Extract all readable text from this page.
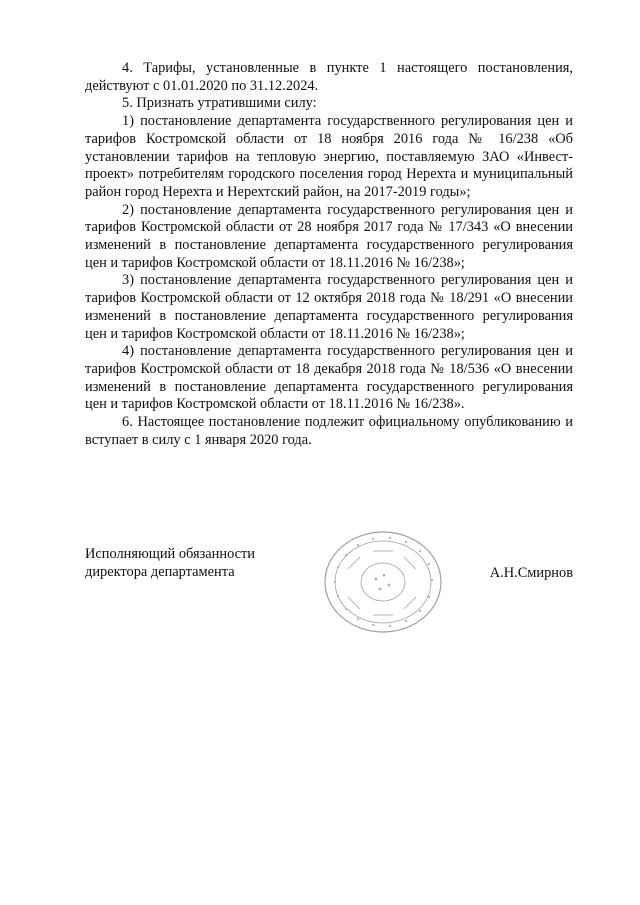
4. Тарифы, установленные в пункте 1 настоящего постановления, действуют с 01.01.2020 по 31.12.2024.

5. Признать утратившими силу:

1) постановление департамента государственного регулирования цен и тарифов Костромской области от 18 ноября 2016 года № 16/238 «Об установлении тарифов на тепловую энергию, поставляемую ЗАО «Инвест-проект» потребителям городского поселения город Нерехта и муниципальный район город Нерехта и Нерехтский район, на 2017-2019 годы»;

2) постановление департамента государственного регулирования цен и тарифов Костромской области от 28 ноября 2017 года № 17/343 «О внесении изменений в постановление департамента государственного регулирования цен и тарифов Костромской области от 18.11.2016 № 16/238»;

3) постановление департамента государственного регулирования цен и тарифов Костромской области от 12 октября 2018 года № 18/291 «О внесении изменений в постановление департамента государственного регулирования цен и тарифов Костромской области от 18.11.2016 № 16/238»;

4) постановление департамента государственного регулирования цен и тарифов Костромской области от 18 декабря 2018 года № 18/536 «О внесении изменений в постановление департамента государственного регулирования цен и тарифов Костромской области от 18.11.2016 № 16/238».

6. Настоящее постановление подлежит официальному опубликованию и вступает в силу с 1 января 2020 года.

Исполняющий обязанности
директора департамента	А.Н.Смирнов
